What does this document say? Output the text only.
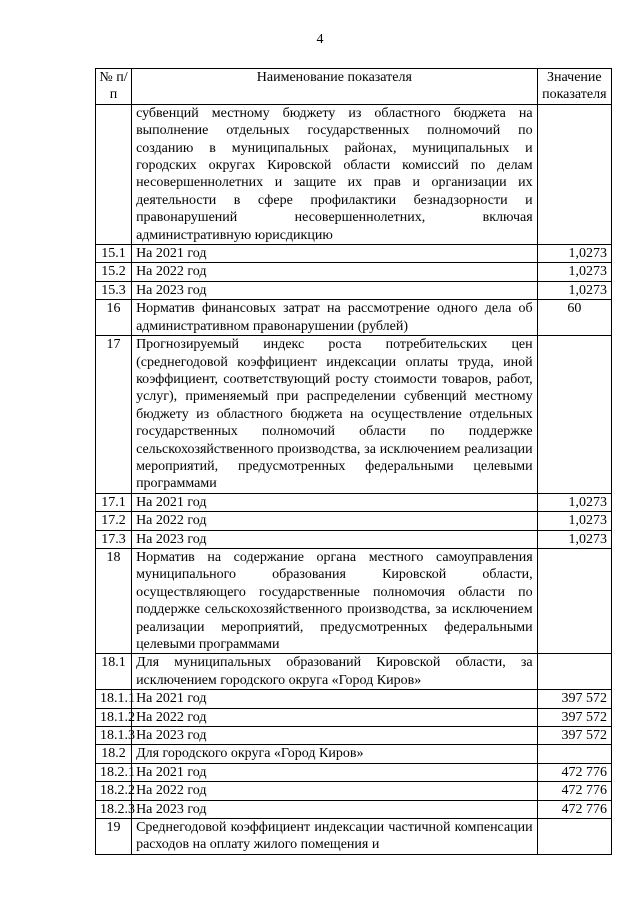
4
№ п/п	Наименование показателя	Значение показателя
	субвенций местному бюджету из областного бюджета на выполнение отдельных государственных полномочий по созданию в муниципальных районах, муниципальных и городских округах Кировской области комиссий по делам несовершеннолетних и защите их прав и организации их деятельности в сфере профилактики безнадзорности и правонарушений несовершеннолетних, включая административную юрисдикцию	
15.1	На 2021 год	1,0273
15.2	На 2022 год	1,0273
15.3	На 2023 год	1,0273
16	Норматив финансовых затрат на рассмотрение одного дела об административном правонарушении (рублей)	60
17	Прогнозируемый индекс роста потребительских цен (среднегодовой коэффициент индексации оплаты труда, иной коэффициент, соответствующий росту стоимости товаров, работ, услуг), применяемый при распределении субвенций местному бюджету из областного бюджета на осуществление отдельных государственных полномочий области по поддержке сельскохозяйственного производства, за исключением реализации мероприятий, предусмотренных федеральными целевыми программами	
17.1	На 2021 год	1,0273
17.2	На 2022 год	1,0273
17.3	На 2023 год	1,0273
18	Норматив на содержание органа местного самоуправления муниципального образования Кировской области, осуществляющего государственные полномочия области по поддержке сельскохозяйственного производства, за исключением реализации мероприятий, предусмотренных федеральными целевыми программами	
18.1	Для муниципальных образований Кировской области, за исключением городского округа «Город Киров»	
18.1.1	На 2021 год	397 572
18.1.2	На 2022 год	397 572
18.1.3	На 2023 год	397 572
18.2	Для городского округа «Город Киров»	
18.2.1	На 2021 год	472 776
18.2.2	На 2022 год	472 776
18.2.3	На 2023 год	472 776
19	Среднегодовой коэффициент индексации частичной компенсации расходов на оплату жилого помещения и	
